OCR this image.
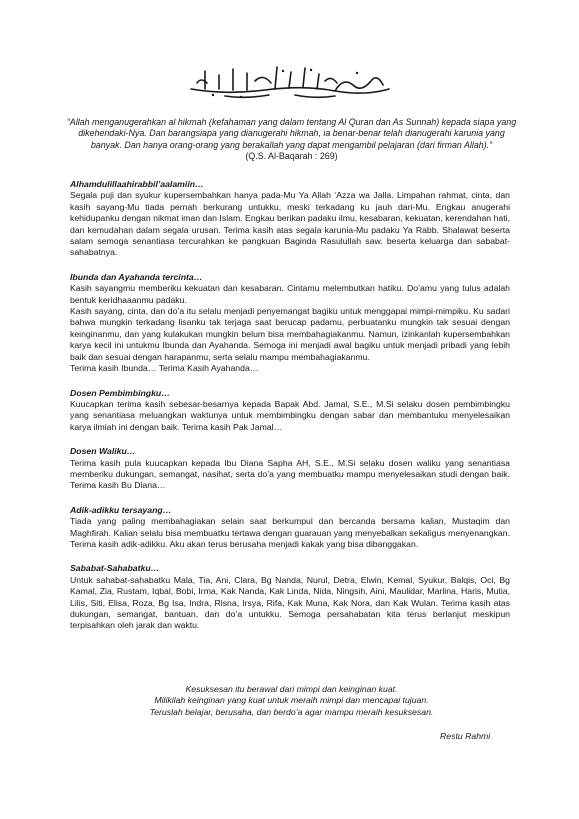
“Allah menganugerahkan al hikmah (kefahaman yang dalam tentang Al Quran dan As Sunnah) kepada siapa yang dikehendaki-Nya. Dan barangsiapa yang dianugerahi hikmah, ia benar-benar telah dianugerahi karunia yang banyak. Dan hanya orang-orang yang berakallah yang dapat mengambil pelajaran (dari firman Allah).”
(Q.S. Al-Baqarah : 269)
Alhamdulillaahirabbil’aalamiin…

Segala puji dan syukur kupersembahkan hanya pada-Mu Ya Allah ‘Azza wa Jalla. Limpahan rahmat, cinta, dan kasih sayang-Mu tiada pernah berkurang untukku, meski terkadang ku jauh dari-Mu. Engkau anugerahi kehidupanku dengan nikmat iman dan Islam. Engkau berikan padaku ilmu, kesabaran, kekuatan, kerendahan hati, dan kemudahan dalam segala urusan. Terima kasih atas segala karunia-Mu padaku Ya Rabb. Shalawat beserta salam semoga senantiasa tercurahkan ke pangkuan Baginda Rasulullah saw. beserta keluarga dan sababat-sahabatnya.

Ibunda dan Ayahanda tercinta…

Kasih sayangmu memberiku kekuatan dan kesabaran. Cintamu melembutkan hatiku. Do’amu yang tulus adalah bentuk keridhaaanmu padaku.

Kasih sayang, cinta, dan do’a itu selalu menjadi penyemangat bagiku untuk menggapai mimpi-mimpiku. Ku sadari bahwa mungkin terkadang lisanku tak terjaga saat berucap padamu, perbuatanku mungkin tak sesuai dengan keinginanmu, dan yang kulakukan mungkin belum bisa membahagiakanmu. Namun, izinkanlah kupersembahkan karya kecil ini untukmu Ibunda dan Ayahanda. Semoga ini menjadi awal bagiku untuk menjadi pribadi yang lebih baik dan sesuai dengan harapanmu, serta selalu mampu membahagiakanmu.

Terima kasih Ibunda… Terima Kasih Ayahanda…

Dosen Pembimbingku…

Kuucapkan terima kasih sebesar-besarnya kepada Bapak Abd. Jamal, S.E., M.Si selaku dosen pembimbingku yang senantiasa meluangkan waktunya untuk membimbingku dengan sabar dan membantuku menyelesaikan karya ilmiah ini dengan baik. Terima kasih Pak Jamal…

Dosen Waliku…

Terima kasih pula kuucapkan kepada Ibu Diana Sapha AH, S.E., M.Si selaku dosen waliku yang senantiasa memberiku dukungan, semangat, nasihat, serta do’a yang membuatku mampu menyelesaikan studi dengan baik. Terima kasih Bu Diana…

Adik-adikku tersayang…

Tiada yang paling membahagiakan selain saat berkumpul dan bercanda bersama kalian, Mustaqim dan Maghfirah. Kalian selalu bisa membuatku tertawa dengan guarauan yang menyebalkan sekaligus menyenangkan. Terima kasih adik-adikku. Aku akan terus berusaha menjadi kakak yang bisa dibanggakan.

Sababat-Sahabatku…

Untuk sahabat-sahabatku Mala, Tia, Ani, Clara, Bg Nanda, Nurul, Detra, Elwin, Kemal, Syukur, Balqis, Oci, Bg Kamal, Zia, Rustam, Iqbal, Bobi, Irma, Kak Nanda, Kak Linda, Nida, Ningsih, Aini, Maulidar, Marlina, Haris, Mutia, Lilis, Siti, Elisa, Roza, Bg Isa, Indra, Risna, Irsya, Rifa, Kak Muna, Kak Nora, dan Kak Wulan. Terima kasih atas dukungan, semangat, bantuan, dan do’a untukku. Semoga persahabatan kita terus berlanjut meskipun terpisahkan oleh jarak dan waktu.

Kesuksesan itu berawal dari mimpi dan keinginan kuat.
Milikilah keinginan yang kuat untuk meraih mimpi dan mencapai tujuan.
Teruslah belajar, berusaha, dan berdo’a agar mampu meraih kesuksesan.
Restu Rahmi
